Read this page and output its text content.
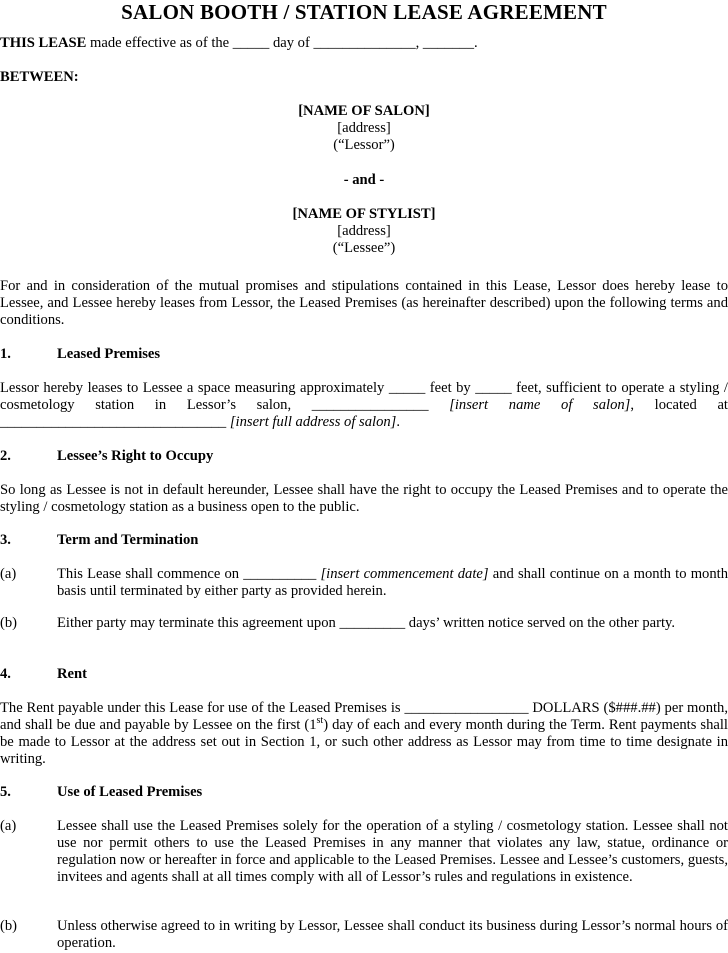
SALON BOOTH / STATION LEASE AGREEMENT
THIS LEASE made effective as of the _____ day of ______________, _______.
BETWEEN:
[NAME OF SALON]
[address]
(“Lessor”)
- and -
[NAME OF STYLIST]
[address]
(“Lessee”)
For and in consideration of the mutual promises and stipulations contained in this Lease, Lessor does hereby lease to Lessee, and Lessee hereby leases from Lessor, the Leased Premises (as hereinafter described) upon the following terms and conditions.
1.	Leased Premises
Lessor hereby leases to Lessee a space measuring approximately _____ feet by _____ feet, sufficient to operate a styling / cosmetology station in Lessor’s salon, ________________ [insert name of salon], located at _______________________________ [insert full address of salon].
2.	Lessee’s Right to Occupy
So long as Lessee is not in default hereunder, Lessee shall have the right to occupy the Leased Premises and to operate the styling / cosmetology station as a business open to the public.
3.	Term and Termination
(a)	This Lease shall commence on __________ [insert commencement date] and shall continue on a month to month basis until terminated by either party as provided herein.
(b)	Either party may terminate this agreement upon _________ days’ written notice served on the other party.
4.	Rent
The Rent payable under this Lease for use of the Leased Premises is _________________ DOLLARS ($###.##) per month, and shall be due and payable by Lessee on the first (1st) day of each and every month during the Term. Rent payments shall be made to Lessor at the address set out in Section 1, or such other address as Lessor may from time to time designate in writing.
5.	Use of Leased Premises
(a)	Lessee shall use the Leased Premises solely for the operation of a styling / cosmetology station. Lessee shall not use nor permit others to use the Leased Premises in any manner that violates any law, statue, ordinance or regulation now or hereafter in force and applicable to the Leased Premises. Lessee and Lessee’s customers, guests, invitees and agents shall at all times comply with all of Lessor’s rules and regulations in existence.
(b)	Unless otherwise agreed to in writing by Lessor, Lessee shall conduct its business during Lessor’s normal hours of operation.
